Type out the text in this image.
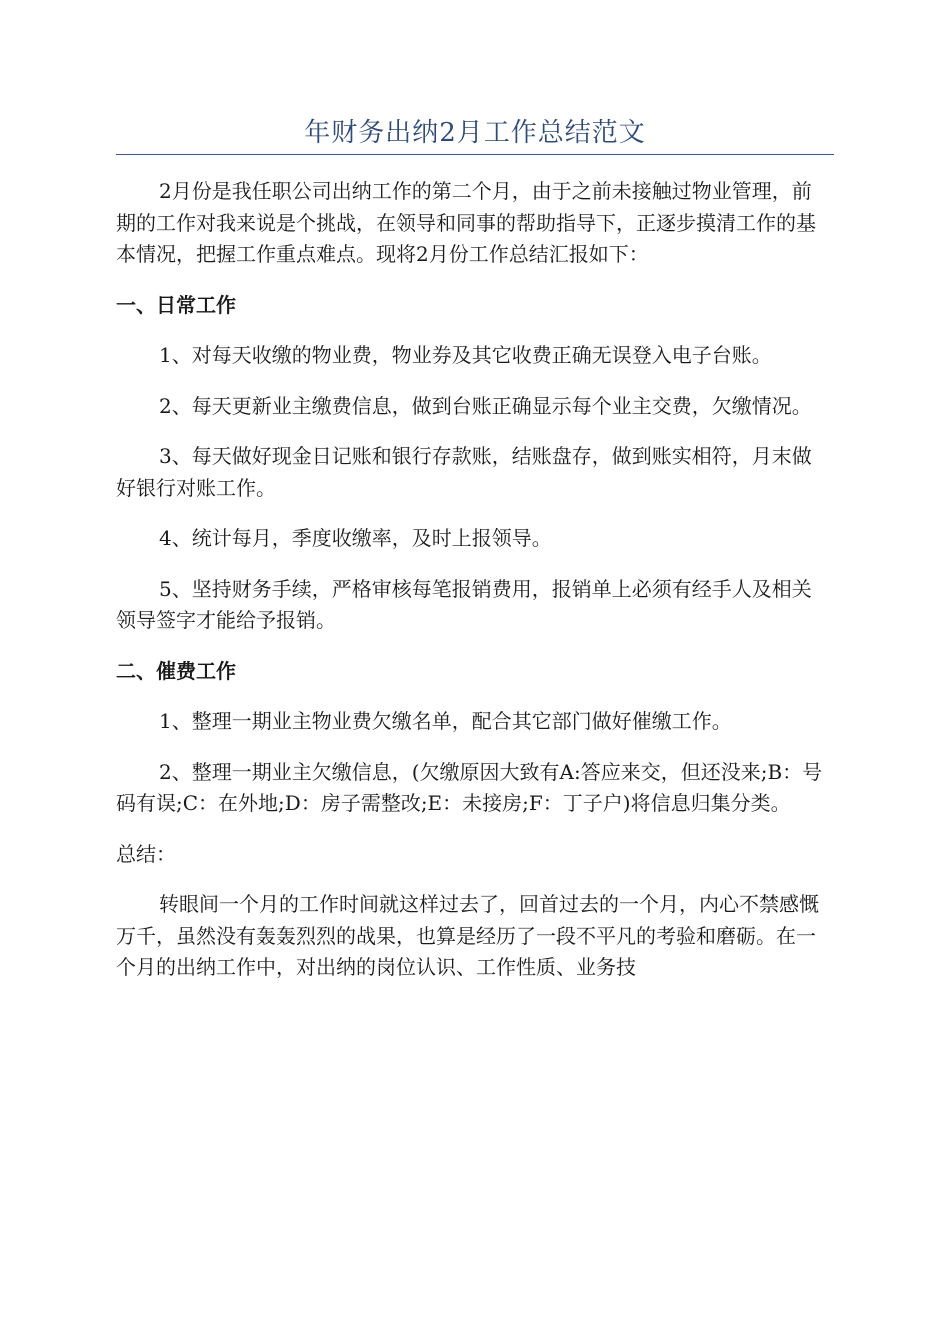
年财务出纳2月工作总结范文

2月份是我任职公司出纳工作的第二个月，由于之前未接触过物业管理，前期的工作对我来说是个挑战，在领导和同事的帮助指导下，正逐步摸清工作的基本情况，把握工作重点难点。现将2月份工作总结汇报如下：

一、日常工作

1、对每天收缴的物业费，物业券及其它收费正确无误登入电子台账。

2、每天更新业主缴费信息，做到台账正确显示每个业主交费，欠缴情况。

3、每天做好现金日记账和银行存款账，结账盘存，做到账实相符，月末做好银行对账工作。

4、统计每月，季度收缴率，及时上报领导。

5、坚持财务手续，严格审核每笔报销费用，报销单上必须有经手人及相关领导签字才能给予报销。

二、催费工作

1、整理一期业主物业费欠缴名单，配合其它部门做好催缴工作。

2、整理一期业主欠缴信息，(欠缴原因大致有A:答应来交，但还没来;B：号码有误;C：在外地;D：房子需整改;E：未接房;F：丁子户)将信息归集分类。

总结：

转眼间一个月的工作时间就这样过去了，回首过去的一个月，内心不禁感慨万千，虽然没有轰轰烈烈的战果，也算是经历了一段不平凡的考验和磨砺。在一个月的出纳工作中，对出纳的岗位认识、工作性质、业务技
